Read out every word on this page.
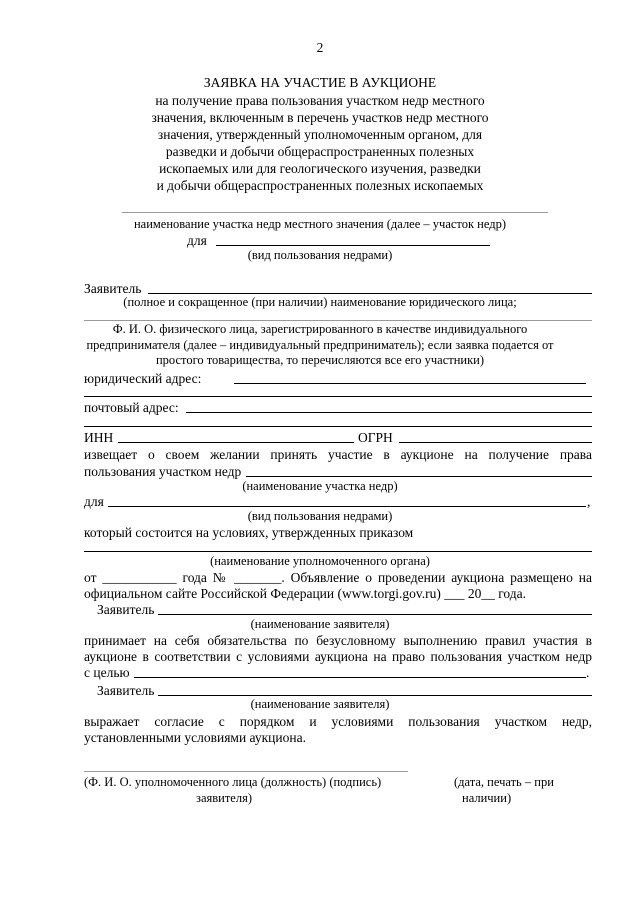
2
ЗАЯВКА НА УЧАСТИЕ В АУКЦИОНЕ
на получение права пользования участком недр местного
значения, включенным в перечень участков недр местного
значения, утвержденный уполномоченным органом, для
разведки и добычи общераспространенных полезных
ископаемых или для геологического изучения, разведки
и добычи общераспространенных полезных ископаемых
наименование участка недр местного значения (далее – участок недр)
для
(вид пользования недрами)
Заявитель
(полное и сокращенное (при наличии) наименование юридического лица;
Ф. И. О. физического лица, зарегистрированного в качестве индивидуального
предпринимателя (далее – индивидуальный предприниматель); если заявка подается от
простого товарищества, то перечисляются все его участники)
юридический адрес:
почтовый адрес:
ИНН	ОГРН
извещает о своем желании принять участие в аукционе на получение права
пользования участком недр
(наименование участка недр)
для	,
(вид пользования недрами)
который состоится на условиях, утвержденных приказом
(наименование уполномоченного органа)
от ___________ года № _______. Объявление о проведении аукциона размещено на
официальном сайте Российской Федерации (www.torgi.gov.ru) ___ 20__ года.
Заявитель
(наименование заявителя)
принимает на себя обязательства по безусловному выполнению правил участия в
аукционе в соответствии с условиями аукциона на право пользования участком недр
с целью	.
Заявитель
(наименование заявителя)
выражает согласие с порядком и условиями пользования участком недр,
установленными условиями аукциона.
(Ф. И. О. уполномоченного лица (должность) (подпись)
заявителя)
(дата, печать – при
наличии)
